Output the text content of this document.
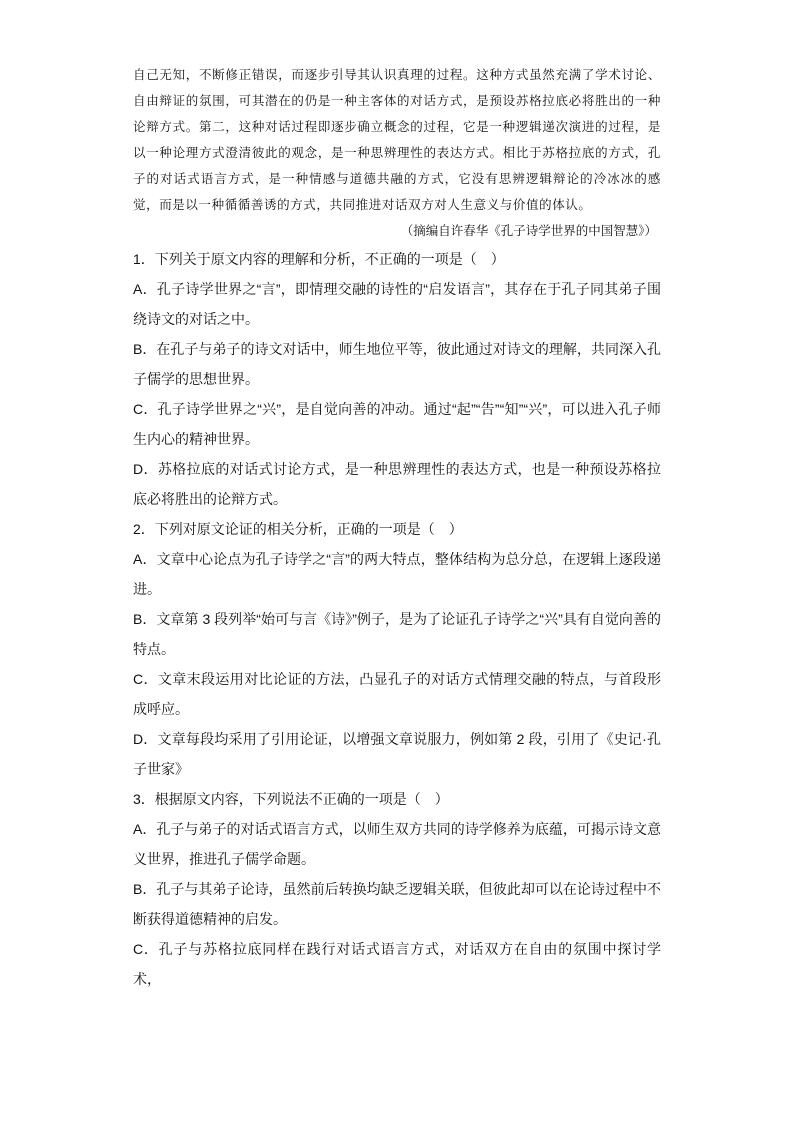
自己无知，不断修正错误，而逐步引导其认识真理的过程。这种方式虽然充满了学术讨论、自由辩证的氛围，可其潜在的仍是一种主客体的对话方式，是预设苏格拉底必将胜出的一种论辩方式。第二，这种对话过程即逐步确立概念的过程，它是一种逻辑递次演进的过程，是以一种论理方式澄清彼此的观念，是一种思辨理性的表达方式。相比于苏格拉底的方式，孔子的对话式语言方式，是一种情感与道德共融的方式，它没有思辨逻辑辩论的冷冰冰的感觉，而是以一种循循善诱的方式，共同推进对话双方对人生意义与价值的体认。

（摘编自许春华《孔子诗学世界的中国智慧》）

1．下列关于原文内容的理解和分析，不正确的一项是（　）

A．孔子诗学世界之“言”，即情理交融的诗性的“启发语言”，其存在于孔子同其弟子围绕诗文的对话之中。

B．在孔子与弟子的诗文对话中，师生地位平等，彼此通过对诗文的理解，共同深入孔子儒学的思想世界。

C．孔子诗学世界之“兴”，是自觉向善的冲动。通过“起”“告”“知”“兴”，可以进入孔子师生内心的精神世界。

D．苏格拉底的对话式讨论方式，是一种思辨理性的表达方式，也是一种预设苏格拉底必将胜出的论辩方式。

2．下列对原文论证的相关分析，正确的一项是（　）

A．文章中心论点为孔子诗学之“言”的两大特点，整体结构为总分总，在逻辑上逐段递进。

B．文章第 3 段列举“始可与言《诗》”例子，是为了论证孔子诗学之“兴”具有自觉向善的特点。

C．文章末段运用对比论证的方法，凸显孔子的对话方式情理交融的特点，与首段形成呼应。

D．文章每段均采用了引用论证，以增强文章说服力，例如第 2 段，引用了《史记·孔子世家》

3．根据原文内容，下列说法不正确的一项是（　）

A．孔子与弟子的对话式语言方式，以师生双方共同的诗学修养为底蕴，可揭示诗文意义世界，推进孔子儒学命题。

B．孔子与其弟子论诗，虽然前后转换均缺乏逻辑关联，但彼此却可以在论诗过程中不断获得道德精神的启发。

C．孔子与苏格拉底同样在践行对话式语言方式，对话双方在自由的氛围中探讨学术，
